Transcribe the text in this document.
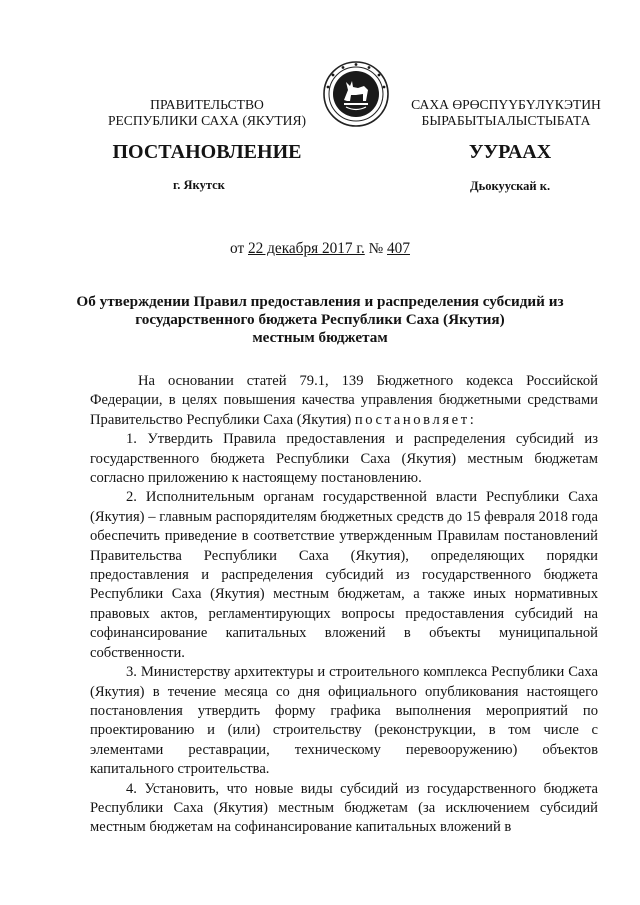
ПРАВИТЕЛЬСТВО
РЕСПУБЛИКИ САХА (ЯКУТИЯ)
САХА ӨРӨСПҮҮБҮЛҮКЭТИН
БЫРАБЫТЫАЛЫСТЫБАТА
ПОСТАНОВЛЕНИЕ	УУРААХ
г. Якутск	Дьокуускай к.
от 22 декабря 2017 г. № 407
Об утверждении Правил предоставления и распределения субсидий из
государственного бюджета Республики Саха (Якутия)
местным бюджетам

На основании статей 79.1, 139 Бюджетного кодекса Российской Федерации, в целях повышения качества управления бюджетными средствами Правительство Республики Саха (Якутия) постановляет:

1. Утвердить Правила предоставления и распределения субсидий из государственного бюджета Республики Саха (Якутия) местным бюджетам согласно приложению к настоящему постановлению.

2. Исполнительным органам государственной власти Республики Саха (Якутия) – главным распорядителям бюджетных средств до 15 февраля 2018 года обеспечить приведение в соответствие утвержденным Правилам постановлений Правительства Республики Саха (Якутия), определяющих порядки предоставления и распределения субсидий из государственного бюджета Республики Саха (Якутия) местным бюджетам, а также иных нормативных правовых актов, регламентирующих вопросы предоставления субсидий на софинансирование капитальных вложений в объекты муниципальной собственности.

3. Министерству архитектуры и строительного комплекса Республики Саха (Якутия) в течение месяца со дня официального опубликования настоящего постановления утвердить форму графика выполнения мероприятий по проектированию и (или) строительству (реконструкции, в том числе с элементами реставрации, техническому перевооружению) объектов капитального строительства.

4. Установить, что новые виды субсидий из государственного бюджета Республики Саха (Якутия) местным бюджетам (за исключением субсидий местным бюджетам на софинансирование капитальных вложений в
